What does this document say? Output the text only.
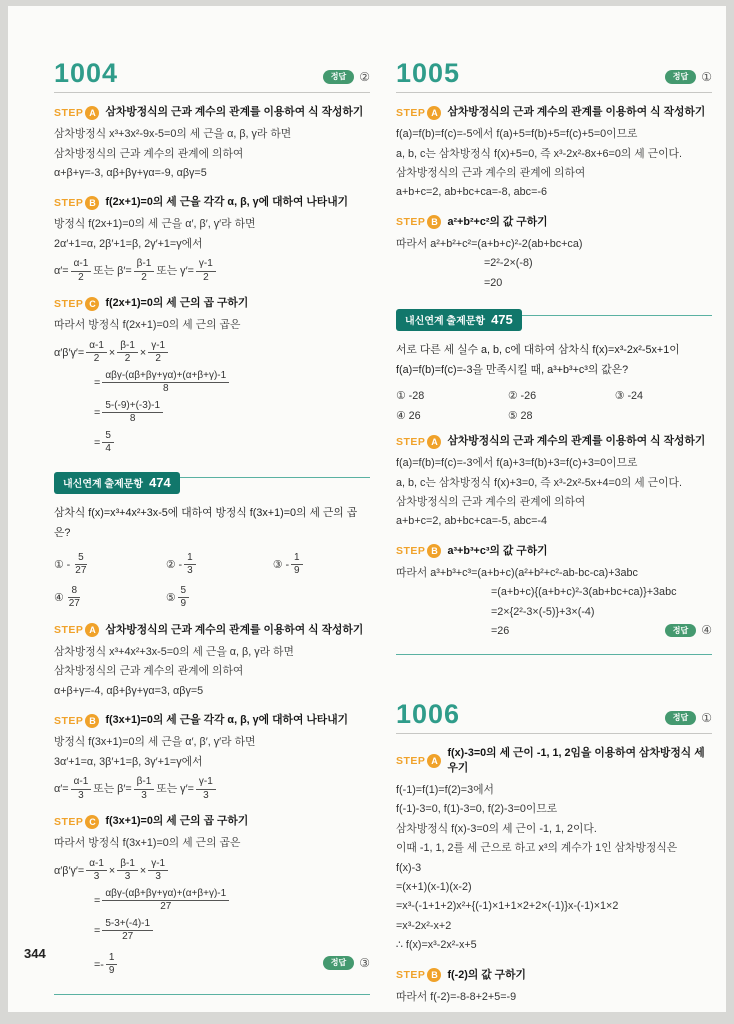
1004	정답	②
STEP A 삼차방정식의 근과 계수의 관계를 이용하여 식 작성하기
삼차방정식 x³+3x²-9x-5=0의 세 근을 α, β, γ라 하면
삼차방정식의 근과 계수의 관계에 의하여
α+β+γ=-3, αβ+βγ+γα=-9, αβγ=5
STEP B f(2x+1)=0의 세 근을 각각 α, β, γ에 대하여 나타내기
방정식 f(2x+1)=0의 세 근을 α′, β′, γ′라 하면
2α′+1=α, 2β′+1=β, 2γ′+1=γ에서
$\alpha'= \frac{\alpha-1}{2}$ 또는 $\beta'= \frac{\beta-1}{2}$ 또는 $\gamma'= \frac{\gamma-1}{2}$
STEP C f(2x+1)=0의 세 근의 곱 구하기
따라서 방정식 f(2x+1)=0의 세 근의 곱은
$\alpha'\beta'\gamma'= \frac{\alpha-1}{2} \times \frac{\beta-1}{2} \times \frac{\gamma-1}{2}$
= $\frac{\text{αβγ-(αβ+βγ+γα)+(α+β+γ)-1}}{8}$
= $\frac{5-(-9)+(-3)-1}{8}$
= $\frac{5}{4}$
내신연계 출제문항 474
삼차식 f(x)=x³+4x²+3x-5에 대하여 방정식 f(3x+1)=0의 세 근의 곱은?
① - $\frac{5}{27}$	② - $\frac{1}{3}$	③ - $\frac{1}{9}$
④ $\frac{8}{27}$	⑤ $\frac{5}{9}$
STEP A 삼차방정식의 근과 계수의 관계를 이용하여 식 작성하기
삼차방정식 x³+4x²+3x-5=0의 세 근을 α, β, γ라 하면
삼차방정식의 근과 계수의 관계에 의하여
α+β+γ=-4, αβ+βγ+γα=3, αβγ=5
STEP B f(3x+1)=0의 세 근을 각각 α, β, γ에 대하여 나타내기
방정식 f(3x+1)=0의 세 근을 α′, β′, γ′라 하면
3α′+1=α, 3β′+1=β, 3γ′+1=γ에서
$\alpha'= \frac{\alpha-1}{3}$ 또는 $\beta'= \frac{\beta-1}{3}$ 또는 $\gamma'= \frac{\gamma-1}{3}$
STEP C f(3x+1)=0의 세 근의 곱 구하기
따라서 방정식 f(3x+1)=0의 세 근의 곱은
$\alpha'\beta'\gamma'= \frac{\alpha-1}{3} \times \frac{\beta-1}{3} \times \frac{\gamma-1}{3}$
= $\frac{\text{αβγ-(αβ+βγ+γα)+(α+β+γ)-1}}{27}$
= $\frac{5-3+(-4)-1}{27}$
=- $\frac{1}{9}$	정답	③
1005	정답	①
STEP A 삼차방정식의 근과 계수의 관계를 이용하여 식 작성하기
f(a)=f(b)=f(c)=-5에서 f(a)+5=f(b)+5=f(c)+5=0이므로
a, b, c는 삼차방정식 f(x)+5=0, 즉 x³-2x²-8x+6=0의 세 근이다.
삼차방정식의 근과 계수의 관계에 의하여
a+b+c=2, ab+bc+ca=-8, abc=-6
STEP B a²+b²+c²의 값 구하기
따라서 a²+b²+c²=(a+b+c)²-2(ab+bc+ca)
=2²-2×(-8)
=20
내신연계 출제문항 475
서로 다른 세 실수 a, b, c에 대하여 삼차식 f(x)=x³-2x²-5x+1이 f(a)=f(b)=f(c)=-3을 만족시킬 때, a³+b³+c³의 값은?
① -28	② -26	③ -24
④ 26	⑤ 28
STEP A 삼차방정식의 근과 계수의 관계를 이용하여 식 작성하기
f(a)=f(b)=f(c)=-3에서 f(a)+3=f(b)+3=f(c)+3=0이므로
a, b, c는 삼차방정식 f(x)+3=0, 즉 x³-2x²-5x+4=0의 세 근이다.
삼차방정식의 근과 계수의 관계에 의하여
a+b+c=2, ab+bc+ca=-5, abc=-4
STEP B a³+b³+c³의 값 구하기
따라서 a³+b³+c³=(a+b+c)(a²+b²+c²-ab-bc-ca)+3abc
=(a+b+c){(a+b+c)²-3(ab+bc+ca)}+3abc
=2×{2²-3×(-5)}+3×(-4)
=26	정답	④
1006	정답	①
STEP A
f(x)-3=0의 세 근이 -1, 1, 2임을 이용하여 삼차방정식 세우기
f(-1)=f(1)=f(2)=3에서
f(-1)-3=0, f(1)-3=0, f(2)-3=0이므로
삼차방정식 f(x)-3=0의 세 근이 -1, 1, 2이다.
이때 -1, 1, 2를 세 근으로 하고 x³의 계수가 1인 삼차방정식은
f(x)-3
=(x+1)(x-1)(x-2)
=x³-(-1+1+2)x²+{(-1)×1+1×2+2×(-1)}x-(-1)×1×2
=x³-2x²-x+2
∴ f(x)=x³-2x²-x+5
STEP B f(-2)의 값 구하기
따라서 f(-2)=-8-8+2+5=-9
344
